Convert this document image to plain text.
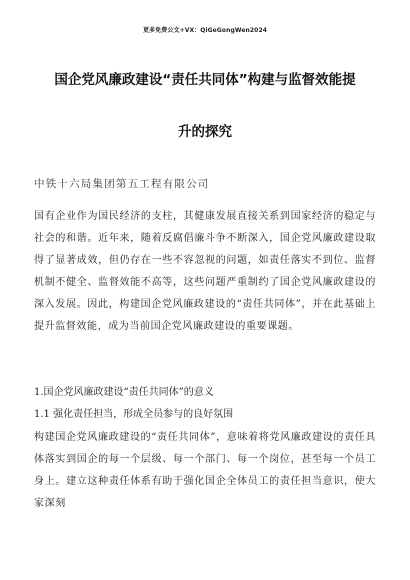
更多免费公文+VX：QiGeGongWen2024
国企党风廉政建设“责任共同体”构建与监督效能提
升的探究
中铁十六局集团第五工程有限公司
国有企业作为国民经济的支柱，其健康发展直接关系到国家经济的稳定与社会的和谐。近年来，随着反腐倡廉斗争不断深入，国企党风廉政建设取得了显著成效，但仍存在一些不容忽视的问题，如责任落实不到位、监督机制不健全、监督效能不高等，这些问题严重制约了国企党风廉政建设的深入发展。因此，构建国企党风廉政建设的“责任共同体”，并在此基础上提升监督效能，成为当前国企党风廉政建设的重要课题。
1.国企党风廉政建设“责任共同体”的意义
1.1 强化责任担当，形成全员参与的良好氛围
构建国企党风廉政建设的“责任共同体”，意味着将党风廉政建设的责任具体落实到国企的每一个层级、每一个部门、每一个岗位，甚至每一个员工身上。建立这种责任体系有助于强化国企全体员工的责任担当意识，使大家深刻
